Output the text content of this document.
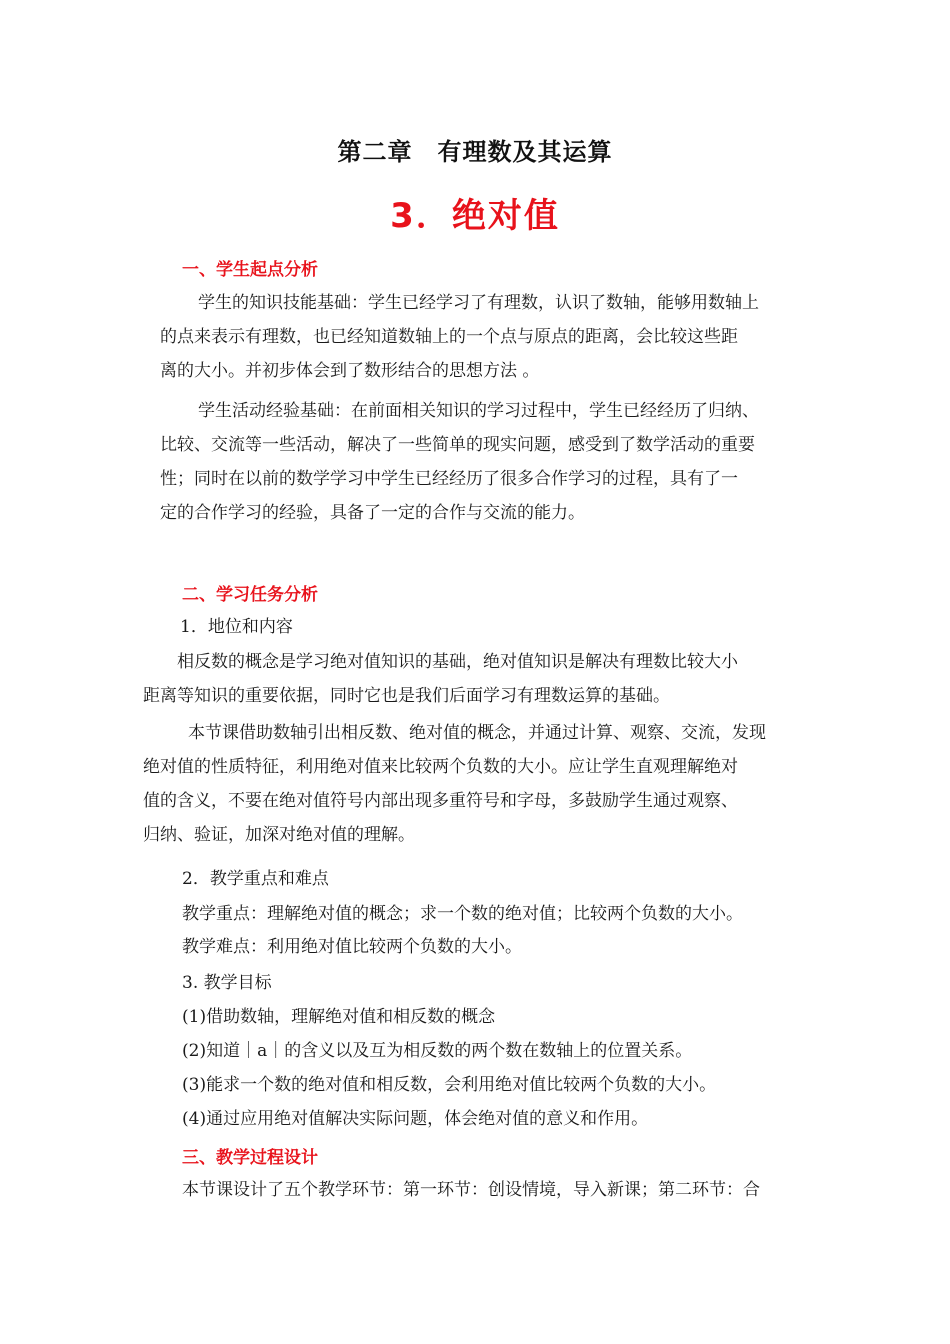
第二章　有理数及其运算
3．绝对值
一、学生起点分析
学生的知识技能基础：学生已经学习了有理数，认识了数轴，能够用数轴上
的点来表示有理数，也已经知道数轴上的一个点与原点的距离，会比较这些距
离的大小。并初步体会到了数形结合的思想方法 。
学生活动经验基础：在前面相关知识的学习过程中，学生已经经历了归纳、
比较、交流等一些活动，解决了一些简单的现实问题，感受到了数学活动的重要
性；同时在以前的数学学习中学生已经经历了很多合作学习的过程，具有了一
定的合作学习的经验，具备了一定的合作与交流的能力。
二、学习任务分析
1．地位和内容
相反数的概念是学习绝对值知识的基础，绝对值知识是解决有理数比较大小
距离等知识的重要依据，同时它也是我们后面学习有理数运算的基础。
本节课借助数轴引出相反数、绝对值的概念，并通过计算、观察、交流，发现
绝对值的性质特征，利用绝对值来比较两个负数的大小。应让学生直观理解绝对
值的含义，不要在绝对值符号内部出现多重符号和字母，多鼓励学生通过观察、
归纳、验证，加深对绝对值的理解。
2．教学重点和难点
教学重点：理解绝对值的概念；求一个数的绝对值；比较两个负数的大小。
教学难点：利用绝对值比较两个负数的大小。
3. 教学目标
(1)借助数轴，理解绝对值和相反数的概念
(2)知道｜a｜的含义以及互为相反数的两个数在数轴上的位置关系。
(3)能求一个数的绝对值和相反数，会利用绝对值比较两个负数的大小。
(4)通过应用绝对值解决实际问题，体会绝对值的意义和作用。
三、教学过程设计
本节课设计了五个教学环节：第一环节：创设情境，导入新课；第二环节：合
